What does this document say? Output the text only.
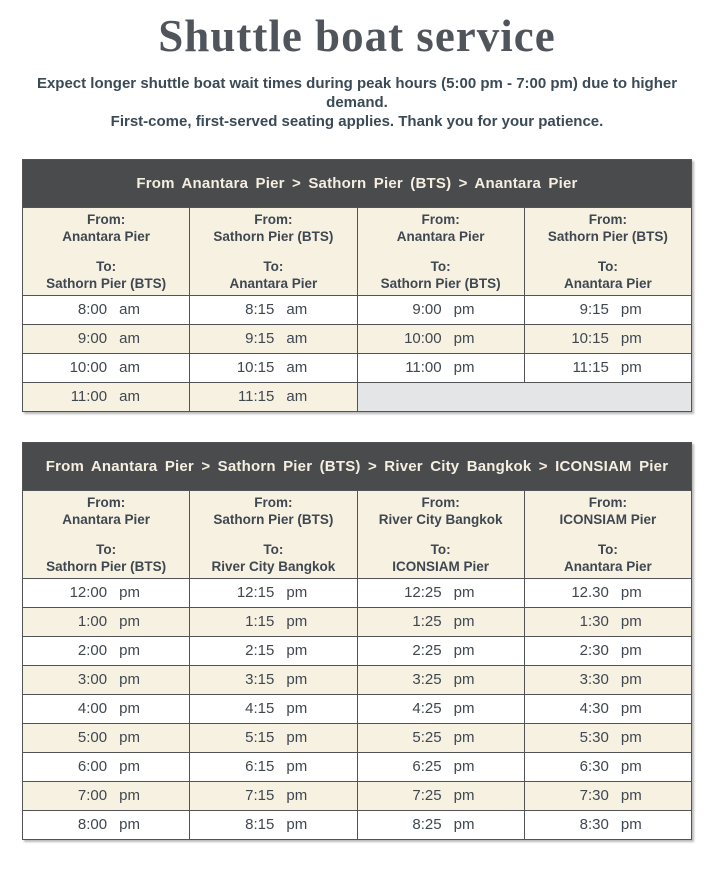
Shuttle boat service
Expect longer shuttle boat wait times during peak hours (5:00 pm - 7:00 pm) due to higher demand.
First-come, first-served seating applies. Thank you for your patience.
From Anantara Pier > Sathorn Pier (BTS) > Anantara Pier			

From:
Anantara Pier
To:
Sathorn Pier (BTS)

From:
Sathorn Pier (BTS)
To:
Anantara Pier

From:
Anantara Pier
To:
Sathorn Pier (BTS)

From:
Sathorn Pier (BTS)
To:
Anantara Pier

8:00 am	8:15 am	9:00 pm	9:15 pm
9:00 am	9:15 am	10:00 pm	10:15 pm
10:00 am	10:15 am	11:00 pm	11:15 pm
11:00 am	11:15 am		
From Anantara Pier > Sathorn Pier (BTS) > River City Bangkok > ICONSIAM Pier			

From:
Anantara Pier
To:
Sathorn Pier (BTS)

From:
Sathorn Pier (BTS)
To:
River City Bangkok

From:
River City Bangkok
To:
ICONSIAM Pier

From:
ICONSIAM Pier
To:
Anantara Pier

12:00 pm	12:15 pm	12:25 pm	12.30 pm
1:00 pm	1:15 pm	1:25 pm	1:30 pm
2:00 pm	2:15 pm	2:25 pm	2:30 pm
3:00 pm	3:15 pm	3:25 pm	3:30 pm
4:00 pm	4:15 pm	4:25 pm	4:30 pm
5:00 pm	5:15 pm	5:25 pm	5:30 pm
6:00 pm	6:15 pm	6:25 pm	6:30 pm
7:00 pm	7:15 pm	7:25 pm	7:30 pm
8:00 pm	8:15 pm	8:25 pm	8:30 pm
